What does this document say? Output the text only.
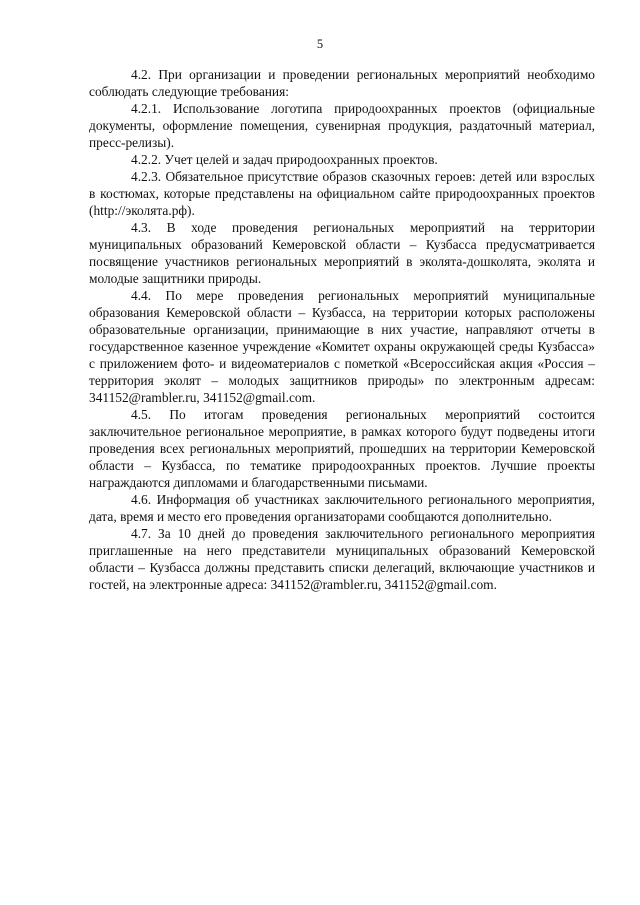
5

4.2. При организации и проведении региональных мероприятий необходимо соблюдать следующие требования:

4.2.1. Использование логотипа природоохранных проектов (официальные документы, оформление помещения, сувенирная продукция, раздаточный материал, пресс-релизы).

4.2.2. Учет целей и задач природоохранных проектов.

4.2.3. Обязательное присутствие образов сказочных героев: детей или взрослых в костюмах, которые представлены на официальном сайте природоохранных проектов (http://эколята.рф).

4.3. В ходе проведения региональных мероприятий на территории муниципальных образований Кемеровской области – Кузбасса предусматривается посвящение участников региональных мероприятий в эколята-дошколята, эколята и молодые защитники природы.

4.4. По мере проведения региональных мероприятий муниципальные образования Кемеровской области – Кузбасса, на территории которых расположены образовательные организации, принимающие в них участие, направляют отчеты в государственное казенное учреждение «Комитет охраны окружающей среды Кузбасса» с приложением фото- и видеоматериалов с пометкой «Всероссийская акция «Россия – территория эколят – молодых защитников природы» по электронным адресам: 341152@rambler.ru, 341152@gmail.com.

4.5. По итогам проведения региональных мероприятий состоится заключительное региональное мероприятие, в рамках которого будут подведены итоги проведения всех региональных мероприятий, прошедших на территории Кемеровской области – Кузбасса, по тематике природоохранных проектов. Лучшие проекты награждаются дипломами и благодарственными письмами.

4.6. Информация об участниках заключительного регионального мероприятия, дата, время и место его проведения организаторами сообщаются дополнительно.

4.7. За 10 дней до проведения заключительного регионального мероприятия приглашенные на него представители муниципальных образований Кемеровской области – Кузбасса должны представить списки делегаций, включающие участников и гостей, на электронные адреса: 341152@rambler.ru, 341152@gmail.com.
